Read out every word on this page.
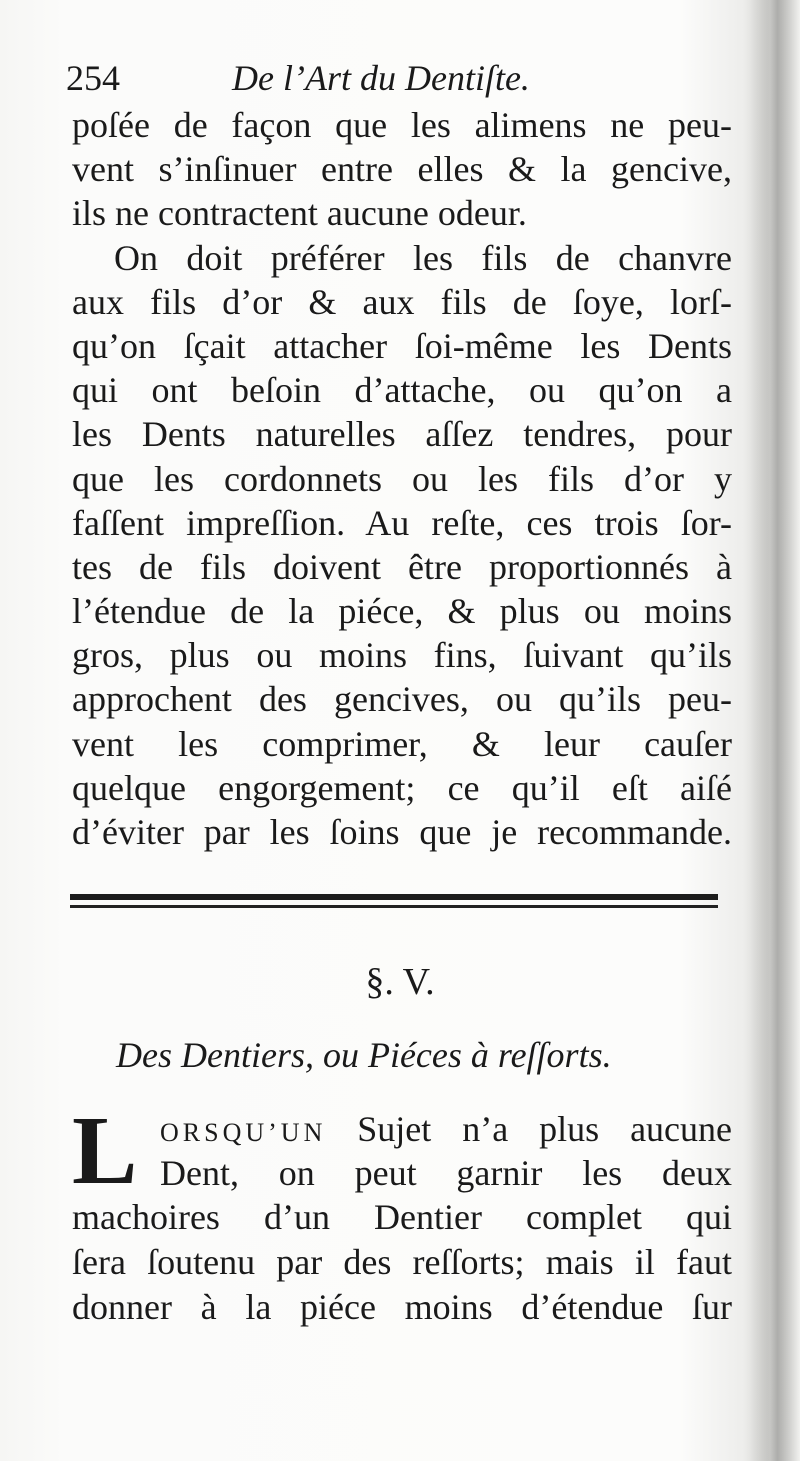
254	De l’Art du Dentiſte.
poſée de façon que les alimens ne peu-
vent s’inſinuer entre elles & la gencive,
ils ne contractent aucune odeur.
On doit préférer les fils de chanvre
aux fils d’or & aux fils de ſoye, lorſ-
qu’on ſçait attacher ſoi-même les Dents
qui ont beſoin d’attache, ou qu’on a
les Dents naturelles aſſez tendres, pour
que les cordonnets ou les fils d’or y
faſſent impreſſion. Au reſte, ces trois ſor-
tes de fils doivent être proportionnés à
l’étendue de la piéce, & plus ou moins
gros, plus ou moins fins, ſuivant qu’ils
approchent des gencives, ou qu’ils peu-
vent les comprimer, & leur cauſer
quelque engorgement; ce qu’il eſt aiſé
d’éviter par les ſoins que je recommande.
§. V.
Des Dentiers, ou Piéces à reſſorts.
L ORSQU’UN Sujet n’a plus aucune
Dent, on peut garnir les deux
machoires d’un Dentier complet qui
ſera ſoutenu par des reſſorts; mais il faut
donner à la piéce moins d’étendue ſur
